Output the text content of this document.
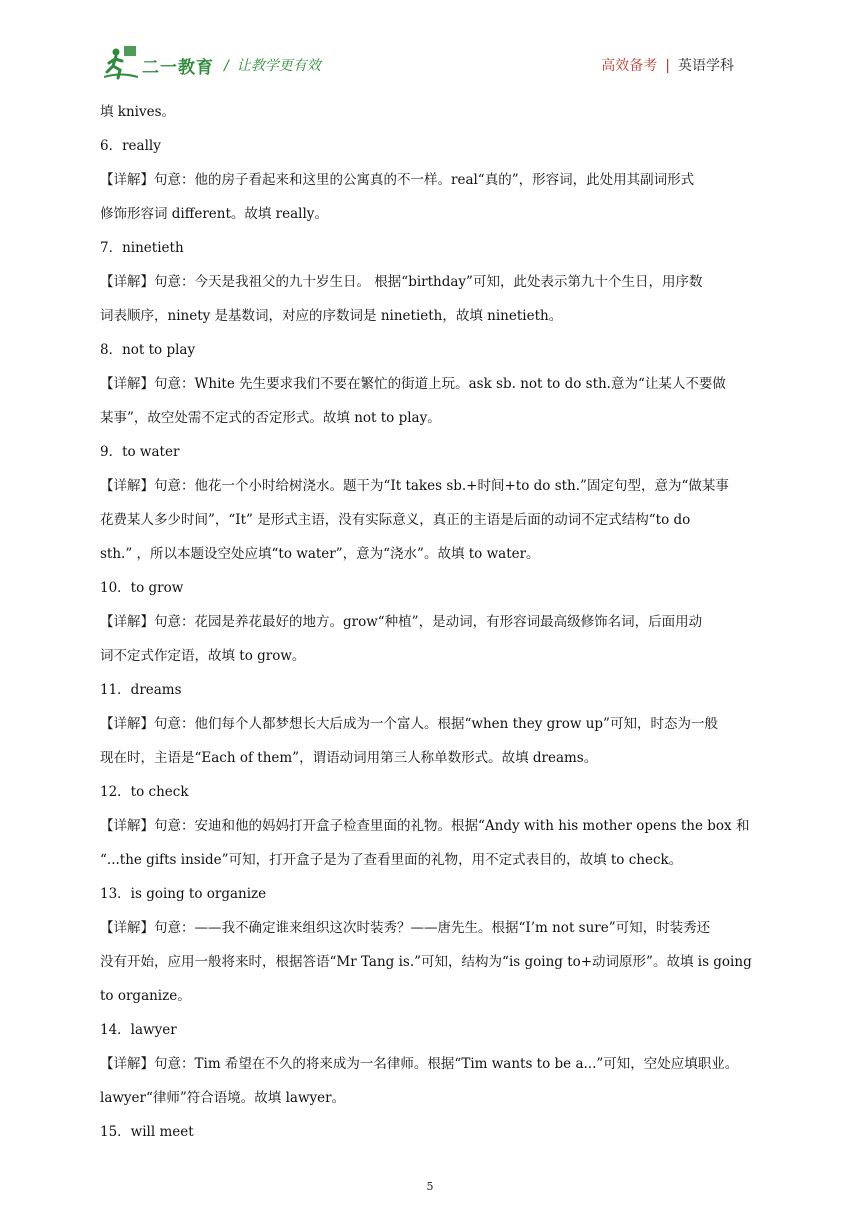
二一教育 / 让教学更有效	高效备考 | 英语学科
填 knives。
6．really
【详解】句意：他的房子看起来和这里的公寓真的不一样。real“真的”，形容词，此处用其副词形式
修饰形容词 different。故填 really。
7．ninetieth
【详解】句意：今天是我祖父的九十岁生日。 根据“birthday”可知，此处表示第九十个生日，用序数
词表顺序，ninety 是基数词，对应的序数词是 ninetieth，故填 ninetieth。
8．not to play
【详解】句意：White 先生要求我们不要在繁忙的街道上玩。ask sb. not to do sth.意为“让某人不要做
某事”，故空处需不定式的否定形式。故填 not to play。
9．to water
【详解】句意：他花一个小时给树浇水。题干为“It takes sb.+时间+to do sth.”固定句型，意为“做某事
花费某人多少时间”，“It” 是形式主语，没有实际意义，真正的主语是后面的动词不定式结构“to do
sth.” ，所以本题设空处应填“to water”，意为“浇水”。故填 to water。
10．to grow
【详解】句意：花园是养花最好的地方。grow“种植”，是动词，有形容词最高级修饰名词，后面用动
词不定式作定语，故填 to grow。
11．dreams
【详解】句意：他们每个人都梦想长大后成为一个富人。根据“when they grow up”可知，时态为一般
现在时，主语是“Each of them”，谓语动词用第三人称单数形式。故填 dreams。
12．to check
【详解】句意：安迪和他的妈妈打开盒子检查里面的礼物。根据“Andy with his mother opens the box 和
“...the gifts inside”可知，打开盒子是为了查看里面的礼物，用不定式表目的，故填 to check。
13．is going to organize
【详解】句意：——我不确定谁来组织这次时装秀？——唐先生。根据“I’m not sure”可知，时装秀还
没有开始，应用一般将来时，根据答语“Mr Tang is.”可知，结构为“is going to+动词原形”。故填 is going
to organize。
14．lawyer
【详解】句意：Tim 希望在不久的将来成为一名律师。根据“Tim wants to be a...”可知，空处应填职业。
lawyer“律师”符合语境。故填 lawyer。
15．will meet
5
